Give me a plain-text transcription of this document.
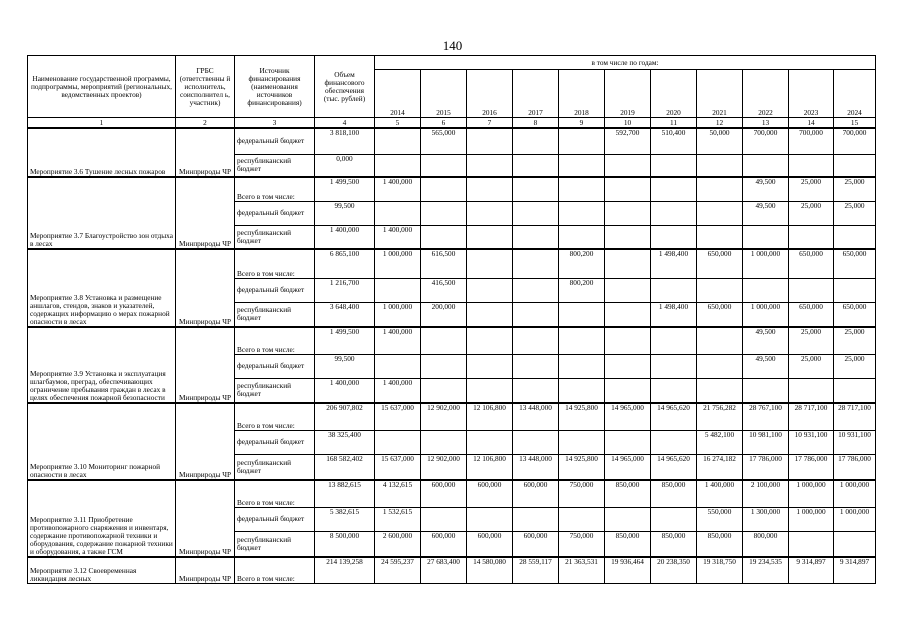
140
Наименование государственной программы, подпрограммы, мероприятий (региональных, ведомственных проектов)	ГРБС (ответственны й исполнитель, соисполнител ь, участник)	Источник финансирования (наименования источников финансирования)	Объем финансового обеспечения (тыс. рублей)	в том числе по годам:										
				2014	2015	2016	2017	2018	2019	2020	2021	2022	2023	2024
1	2	3	4	5	6	7	8	9	10	11	12	13	14	15
Мероприятие 3.6 Тушение лесных пожаров	Минприроды ЧР	федеральный бюджет	3 818,100		565,000				592,700	510,400	50,000	700,000	700,000	700,000
		республиканский бюджет	0,000											
Мероприятие 3.7 Благоустройство зон отдыха в лесах	Минприроды ЧР	Всего в том числе:	1 499,500	1 400,000								49,500	25,000	25,000
		федеральный бюджет	99,500									49,500	25,000	25,000
		республиканский бюджет	1 400,000	1 400,000										
Мероприятие 3.8 Установка и размещение аншлагов, стендов, знаков и указателей, содержащих информацию о мерах пожарной опасности в лесах	Минприроды ЧР	Всего в том числе:	6 865,100	1 000,000	616,500			800,200		1 498,400	650,000	1 000,000	650,000	650,000
		федеральный бюджет	1 216,700		416,500			800,200						
		республиканский бюджет	3 648,400	1 000,000	200,000					1 498,400	650,000	1 000,000	650,000	650,000
Мероприятие 3.9 Установка и эксплуатация шлагбаумов, преград, обеспечивающих ограничение пребывания граждан в лесах в целях обеспечения пожарной безопасности	Минприроды ЧР	Всего в том числе:	1 499,500	1 400,000								49,500	25,000	25,000
		федеральный бюджет	99,500									49,500	25,000	25,000
		республиканский бюджет	1 400,000	1 400,000										
Мероприятие 3.10 Мониторинг пожарной опасности в лесах	Минприроды ЧР	Всего в том числе:	206 907,802	15 637,000	12 902,000	12 106,800	13 448,000	14 925,800	14 965,000	14 965,620	21 756,282	28 767,100	28 717,100	28 717,100
		федеральный бюджет	38 325,400								5 482,100	10 981,100	10 931,100	10 931,100
		республиканский бюджет	168 582,402	15 637,000	12 902,000	12 106,800	13 448,000	14 925,800	14 965,000	14 965,620	16 274,182	17 786,000	17 786,000	17 786,000
Мероприятие 3.11 Приобретение противопожарного снаряжения и инвентаря, содержание противопожарной техники и оборудования, содержание пожарной техники и оборудования, а также ГСМ	Минприроды ЧР	Всего в том числе:	13 882,615	4 132,615	600,000	600,000	600,000	750,000	850,000	850,000	1 400,000	2 100,000	1 000,000	1 000,000
		федеральный бюджет	5 382,615	1 532,615							550,000	1 300,000	1 000,000	1 000,000
		республиканский бюджет	8 500,000	2 600,000	600,000	600,000	600,000	750,000	850,000	850,000	850,000	800,000		
Мероприятие 3.12 Своевременная ликвидация лесных	Минприроды ЧР	Всего в том числе:	214 139,258	24 595,237	27 683,400	14 580,080	28 559,117	21 363,531	19 936,464	20 238,350	19 318,750	19 234,535	9 314,897	9 314,897
